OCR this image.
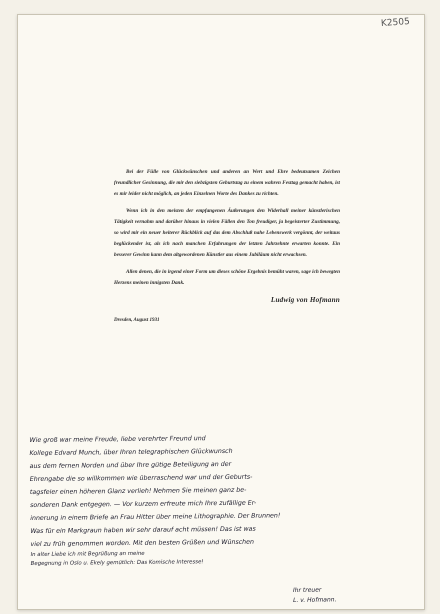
K2505

Bei der Fülle von Glückwünschen und anderen an Wert und Ehre bedeutsamen Zeichen freundlicher Gesinnung, die mir den siebzigsten Geburtstag zu einem wahren Festtag gemacht haben, ist es mir leider nicht möglich, an jeden Einzelnen Worte des Dankes zu richten.

Wenn ich in den meisten der empfangenen Äußerungen den Widerhall meiner künstlerischen Tätigkeit vernahm und darüber hinaus in vielen Fällen den Ton freudiger, ja begeisterter Zustimmung, so wird mir ein neuer heiterer Rückblick auf das dem Abschluß nahe Lebenswerk vergönnt, der weitaus beglückender ist, als ich nach manchen Erfahrungen der letzten Jahrzehnte erwarten konnte. Ein besserer Gewinn kann dem altgewordenen Künstler aus einem Jubiläum nicht erwachsen.

Allen denen, die in irgend einer Form um dieses schöne Ergebnis bemüht waren, sage ich bewegten Herzens meinen innigsten Dank.

Ludwig von Hofmann
Dresden, August 1931
Wie groß war meine Freude, liebe verehrter Freund und
Kollege Edvard Munch, über Ihren telegraphischen Glückwunsch
aus dem fernen Norden und über Ihre gütige Beteiligung an der
Ehrengabe die so willkommen wie überraschend war und der Geburts-
tagsfeier einen höheren Glanz verlieh! Nehmen Sie meinen ganz be-
sonderen Dank entgegen. — Vor kurzem erfreute mich Ihre zufällige Er-
innerung in einem Briefe an Frau Hitter über meine Lithographie. Der Brunnen!
Was für ein Markgraun haben wir sehr darauf acht müssen! Das ist was
viel zu früh genommen worden. Mit den besten Grüßen und Wünschen
In alter Liebe ich mit Begrüßung an meine
Begegnung in Oslo u. Ekely gemütlich: Das Komische Interesse!
Ihr treuer
L. v. Hofmann.
